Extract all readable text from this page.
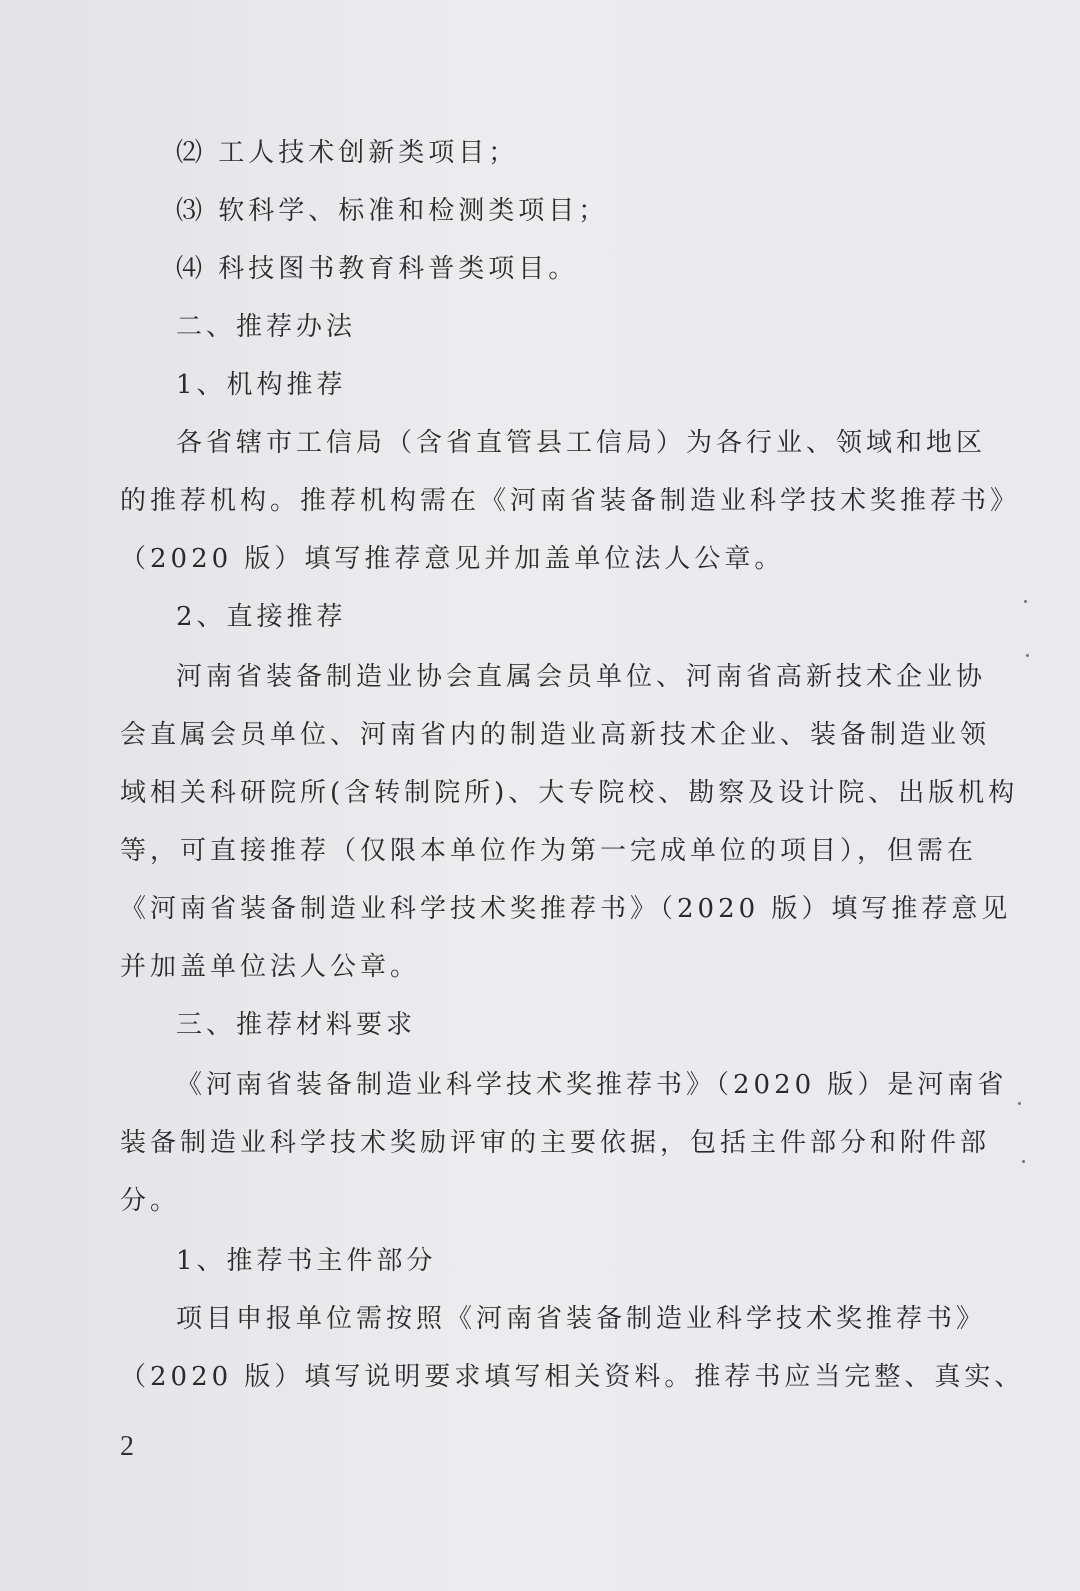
⑵ 工人技术创新类项目；
⑶ 软科学、标准和检测类项目；
⑷ 科技图书教育科普类项目。
二、推荐办法
1、机构推荐
各省辖市工信局（含省直管县工信局）为各行业、领域和地区
的推荐机构。推荐机构需在《河南省装备制造业科学技术奖推荐书》
（2020 版）填写推荐意见并加盖单位法人公章。
2、直接推荐
河南省装备制造业协会直属会员单位、河南省高新技术企业协
会直属会员单位、河南省内的制造业高新技术企业、装备制造业领
域相关科研院所(含转制院所)、大专院校、勘察及设计院、出版机构
等，可直接推荐（仅限本单位作为第一完成单位的项目），但需在
《河南省装备制造业科学技术奖推荐书》（2020 版）填写推荐意见
并加盖单位法人公章。
三、推荐材料要求
《河南省装备制造业科学技术奖推荐书》（2020 版）是河南省
装备制造业科学技术奖励评审的主要依据，包括主件部分和附件部
分。
1、推荐书主件部分
项目申报单位需按照《河南省装备制造业科学技术奖推荐书》
（2020 版）填写说明要求填写相关资料。推荐书应当完整、真实、
2
